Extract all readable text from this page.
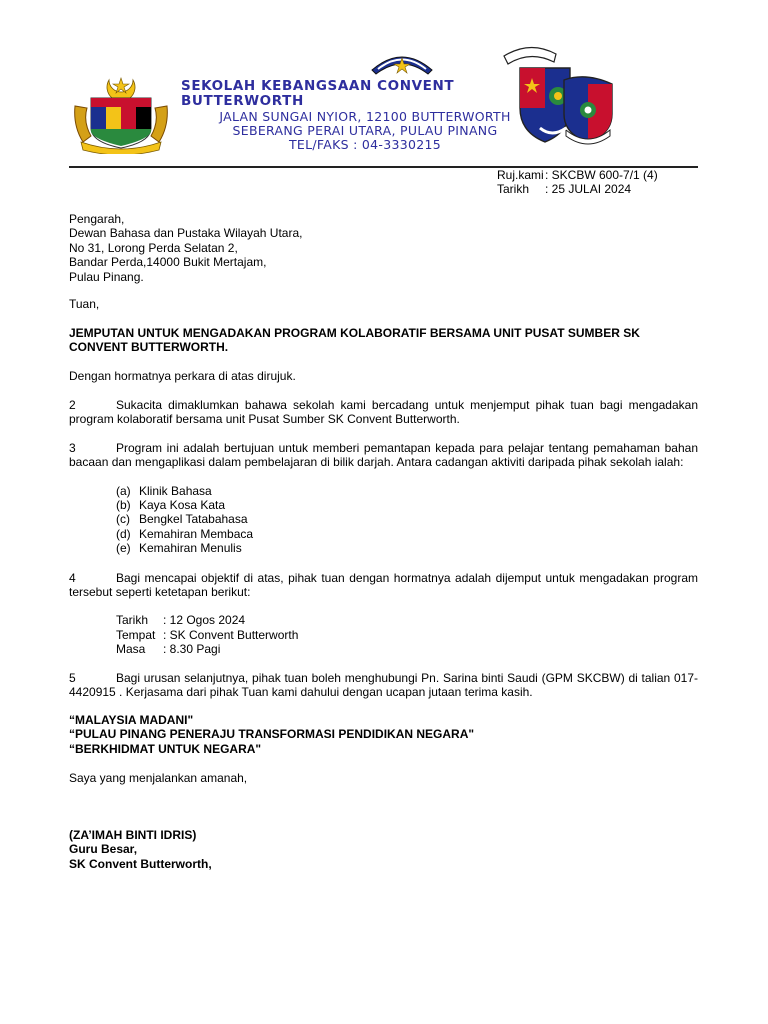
SEKOLAH KEBANGSAAN CONVENT BUTTERWORTH
JALAN SUNGAI NYIOR, 12100 BUTTERWORTH
SEBERANG PERAI UTARA, PULAU PINANG
TEL/FAKS : 04-3330215
Ruj.kami: SKCBW 600-7/1 (4)
Tarikh : 25 JULAI 2024
Pengarah,
Dewan Bahasa dan Pustaka Wilayah Utara,
No 31, Lorong Perda Selatan 2,
Bandar Perda,14000 Bukit Mertajam,
Pulau Pinang.
Tuan,
JEMPUTAN UNTUK MENGADAKAN PROGRAM KOLABORATIF BERSAMA UNIT PUSAT SUMBER SK CONVENT BUTTERWORTH.
Dengan hormatnya perkara di atas dirujuk.
2	Sukacita dimaklumkan bahawa sekolah kami bercadang untuk menjemput pihak tuan bagi mengadakan program kolaboratif bersama unit Pusat Sumber SK Convent Butterworth.
3	Program ini adalah bertujuan untuk memberi pemantapan kepada para pelajar tentang pemahaman bahan bacaan dan mengaplikasi dalam pembelajaran di bilik darjah. Antara cadangan aktiviti daripada pihak sekolah ialah:
(a) Klinik Bahasa
(b) Kaya Kosa Kata
(c) Bengkel Tatabahasa
(d) Kemahiran Membaca
(e) Kemahiran Menulis
4	Bagi mencapai objektif di atas, pihak tuan dengan hormatnya adalah dijemput untuk mengadakan program tersebut seperti ketetapan berikut:
Tarikh : 12 Ogos 2024
Tempat : SK Convent Butterworth
Masa : 8.30 Pagi
5	Bagi urusan selanjutnya, pihak tuan boleh menghubungi Pn. Sarina binti Saudi (GPM SKCBW) di talian 017-4420915 . Kerjasama dari pihak Tuan kami dahului dengan ucapan jutaan terima kasih.
“MALAYSIA MADANI"
“PULAU PINANG PENERAJU TRANSFORMASI PENDIDIKAN NEGARA"
“BERKHIDMAT UNTUK NEGARA"
Saya yang menjalankan amanah,
(ZA’IMAH BINTI IDRIS)
Guru Besar,
SK Convent Butterworth,
